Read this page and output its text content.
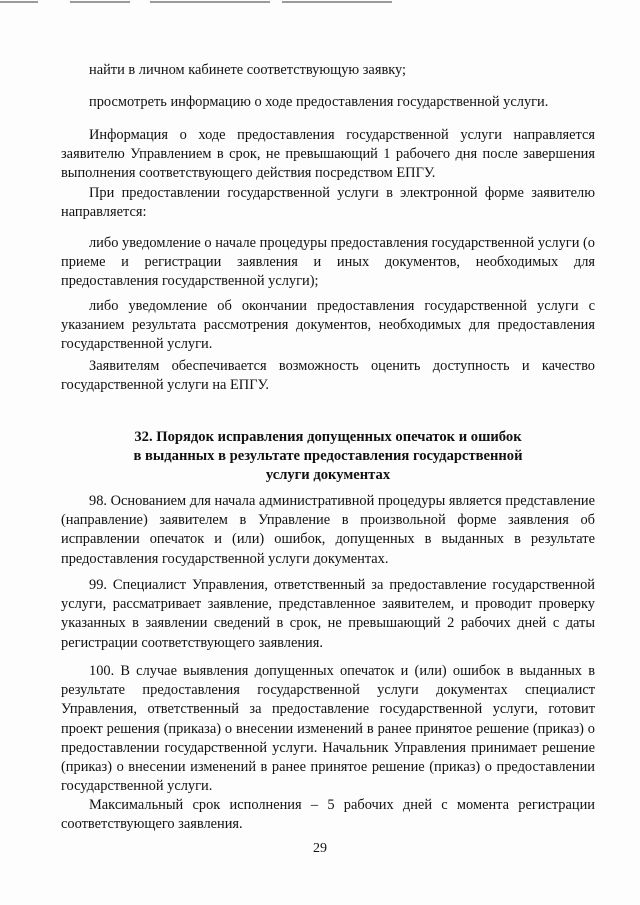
найти в личном кабинете соответствующую заявку;

просмотреть информацию о ходе предоставления государственной услуги.

Информация о ходе предоставления государственной услуги направляется заявителю Управлением в срок, не превышающий 1 рабочего дня после завершения выполнения соответствующего действия посредством ЕПГУ.

При предоставлении государственной услуги в электронной форме заявителю направляется:

либо уведомление о начале процедуры предоставления государственной услуги (о приеме и регистрации заявления и иных документов, необходимых для предоставления государственной услуги);

либо уведомление об окончании предоставления государственной услуги с указанием результата рассмотрения документов, необходимых для предоставления государственной услуги.

Заявителям обеспечивается возможность оценить доступность и качество государственной услуги на ЕПГУ.

32. Порядок исправления допущенных опечаток и ошибок
в выданных в результате предоставления государственной
услуги документах

98. Основанием для начала административной процедуры является представление (направление) заявителем в Управление в произвольной форме заявления об исправлении опечаток и (или) ошибок, допущенных в выданных в результате предоставления государственной услуги документах.

99. Специалист Управления, ответственный за предоставление государственной услуги, рассматривает заявление, представленное заявителем, и проводит проверку указанных в заявлении сведений в срок, не превышающий 2 рабочих дней с даты регистрации соответствующего заявления.

100. В случае выявления допущенных опечаток и (или) ошибок в выданных в результате предоставления государственной услуги документах специалист Управления, ответственный за предоставление государственной услуги, готовит проект решения (приказа) о внесении изменений в ранее принятое решение (приказ) о предоставлении государственной услуги. Начальник Управления принимает решение (приказ) о внесении изменений в ранее принятое решение (приказ) о предоставлении государственной услуги.

Максимальный срок исполнения – 5 рабочих дней с момента регистрации соответствующего заявления.

29
